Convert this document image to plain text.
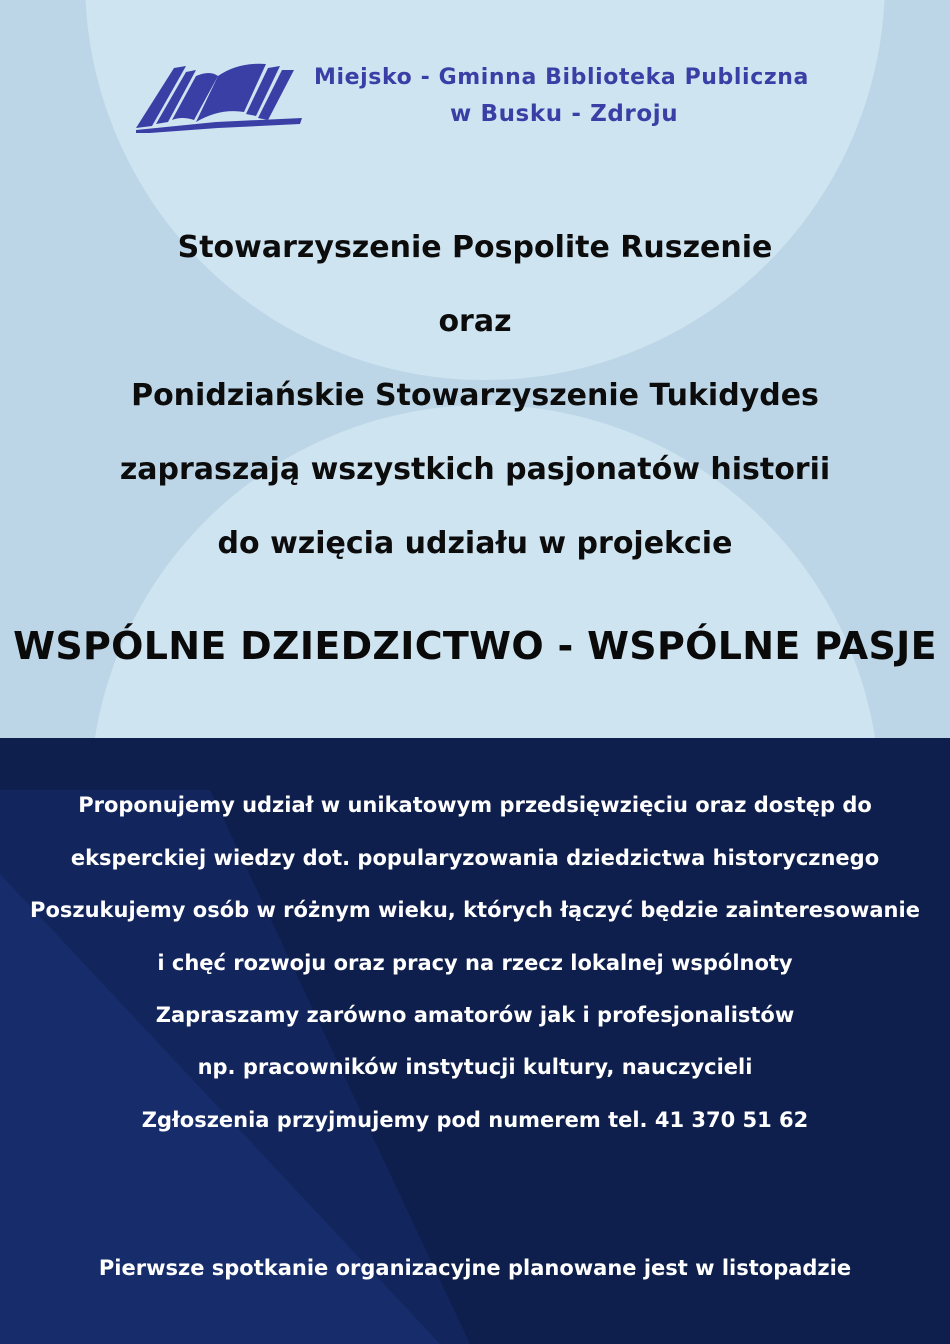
Miejsko - Gminna Biblioteka Publiczna
w Busku - Zdroju
Stowarzyszenie Pospolite Ruszenie
oraz
Ponidziańskie Stowarzyszenie Tukidydes
zapraszają wszystkich pasjonatów historii
do wzięcia udziału w projekcie
WSPÓLNE DZIEDZICTWO - WSPÓLNE PASJE
Proponujemy udział w unikatowym przedsięwzięciu oraz dostęp do
eksperckiej wiedzy dot. popularyzowania dziedzictwa historycznego
Poszukujemy osób w różnym wieku, których łączyć będzie zainteresowanie
i chęć rozwoju oraz pracy na rzecz lokalnej wspólnoty
Zapraszamy zarówno amatorów jak i profesjonalistów
np. pracowników instytucji kultury, nauczycieli
Zgłoszenia przyjmujemy pod numerem tel. 41 370 51 62
Pierwsze spotkanie organizacyjne planowane jest w listopadzie
